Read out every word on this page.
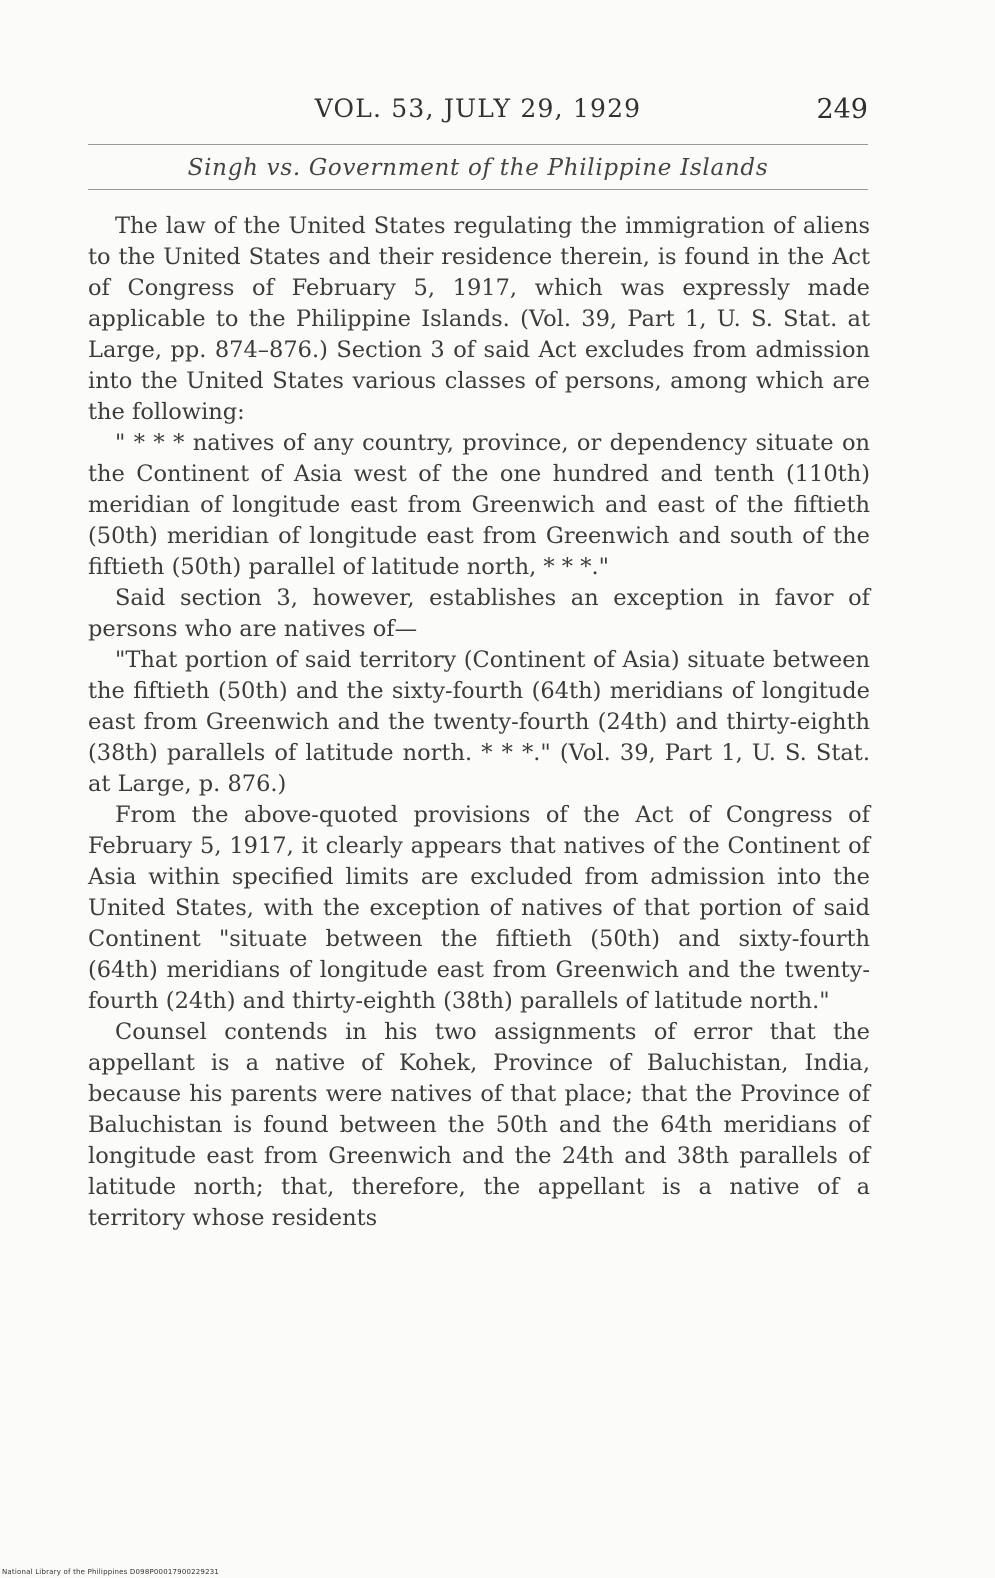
VOL. 53, JULY 29, 1929	249
Singh vs. Government of the Philippine Islands

The law of the United States regulating the immigration of aliens to the United States and their residence therein, is found in the Act of Congress of February 5, 1917, which was expressly made applicable to the Philippine Islands. (Vol. 39, Part 1, U. S. Stat. at Large, pp. 874–876.) Section 3 of said Act excludes from admission into the United States various classes of persons, among which are the following:

" * * * natives of any country, province, or dependency situate on the Continent of Asia west of the one hundred and tenth (110th) meridian of longitude east from Greenwich and east of the fiftieth (50th) meridian of longitude east from Greenwich and south of the fiftieth (50th) parallel of latitude north, * * *."

Said section 3, however, establishes an exception in favor of persons who are natives of—

"That portion of said territory (Continent of Asia) situate between the fiftieth (50th) and the sixty-fourth (64th) meridians of longitude east from Greenwich and the twenty-fourth (24th) and thirty-eighth (38th) parallels of latitude north. * * *." (Vol. 39, Part 1, U. S. Stat. at Large, p. 876.)

From the above-quoted provisions of the Act of Congress of February 5, 1917, it clearly appears that natives of the Continent of Asia within specified limits are excluded from admission into the United States, with the exception of natives of that portion of said Continent "situate between the fiftieth (50th) and sixty-fourth (64th) meridians of longitude east from Greenwich and the twenty-fourth (24th) and thirty-eighth (38th) parallels of latitude north."

Counsel contends in his two assignments of error that the appellant is a native of Kohek, Province of Baluchistan, India, because his parents were natives of that place; that the Province of Baluchistan is found between the 50th and the 64th meridians of longitude east from Greenwich and the 24th and 38th parallels of latitude north; that, therefore, the appellant is a native of a territory whose residents

National Library of the Philippines D098P00017900229231
